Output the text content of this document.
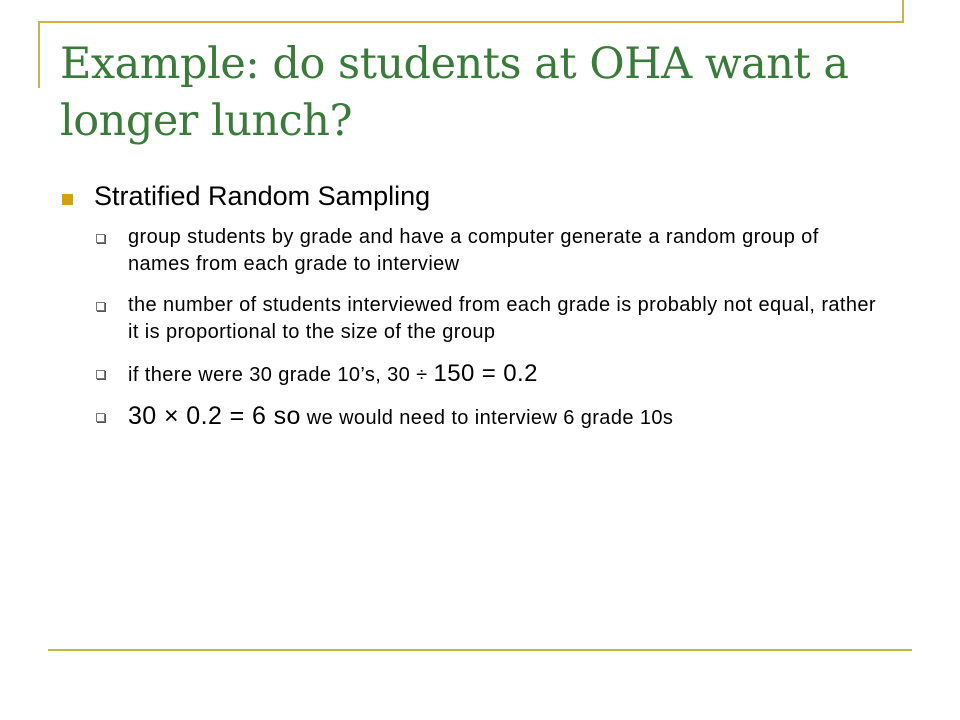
Example: do students at OHA want a longer lunch?
Stratified Random Sampling
group students by grade and have a computer generate a random group of names from each grade to interview
the number of students interviewed from each grade is probably not equal, rather it is proportional to the size of the group
if there were 30 grade 10’s, 30 ÷ 150 = 0.2
30 × 0.2 = 6 so we would need to interview 6 grade 10s
